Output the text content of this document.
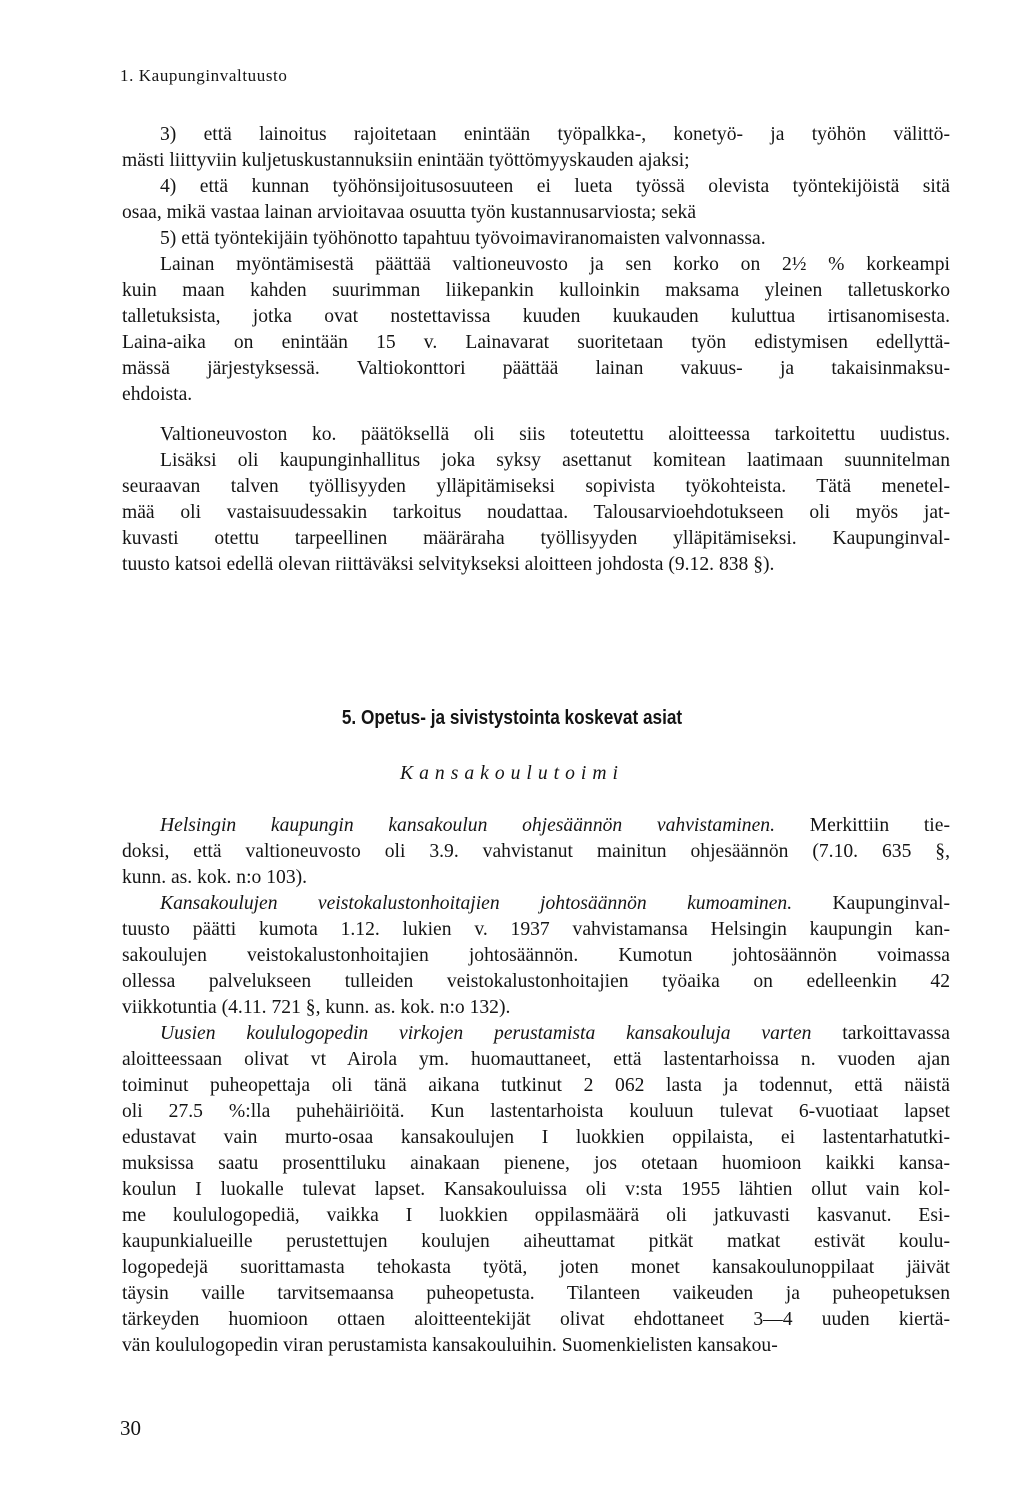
1. Kaupunginvaltuusto

3) että lainoitus rajoitetaan enintään työpalkka-, konetyö- ja työhön välittö-
mästi liittyviin kuljetuskustannuksiin enintään työttömyyskauden ajaksi;
4) että kunnan työhönsijoitusosuuteen ei lueta työssä olevista työntekijöistä sitä
osaa, mikä vastaa lainan arvioitavaa osuutta työn kustannusarviosta; sekä
5) että työntekijäin työhönotto tapahtuu työvoimaviranomaisten valvonnassa.
Lainan myöntämisestä päättää valtioneuvosto ja sen korko on 2½ % korkeampi
kuin maan kahden suurimman liikepankin kulloinkin maksama yleinen talletuskorko
talletuksista, jotka ovat nostettavissa kuuden kuukauden kuluttua irtisanomisesta.
Laina-aika on enintään 15 v. Lainavarat suoritetaan työn edistymisen edellyttä-
mässä järjestyksessä. Valtiokonttori päättää lainan vakuus- ja takaisinmaksu-
ehdoista.
Valtioneuvoston ko. päätöksellä oli siis toteutettu aloitteessa tarkoitettu uudistus.
Lisäksi oli kaupunginhallitus joka syksy asettanut komitean laatimaan suunnitelman
seuraavan talven työllisyyden ylläpitämiseksi sopivista työkohteista. Tätä menetel-
mää oli vastaisuudessakin tarkoitus noudattaa. Talousarvioehdotukseen oli myös jat-
kuvasti otettu tarpeellinen määräraha työllisyyden ylläpitämiseksi. Kaupunginval-
tuusto katsoi edellä olevan riittäväksi selvitykseksi aloitteen johdosta (9.12. 838 §).
5. Opetus- ja sivistystointa koskevat asiat

Kansakoulutoimi

Helsingin kaupungin kansakoulun ohjesäännön vahvistaminen. Merkittiin tie-
doksi, että valtioneuvosto oli 3.9. vahvistanut mainitun ohjesäännön (7.10. 635 §,
kunn. as. kok. n:o 103).
Kansakoulujen veistokalustonhoitajien johtosäännön kumoaminen. Kaupunginval-
tuusto päätti kumota 1.12. lukien v. 1937 vahvistamansa Helsingin kaupungin kan-
sakoulujen veistokalustonhoitajien johtosäännön. Kumotun johtosäännön voimassa
ollessa palvelukseen tulleiden veistokalustonhoitajien työaika on edelleenkin 42
viikkotuntia (4.11. 721 §, kunn. as. kok. n:o 132).
Uusien koululogopedin virkojen perustamista kansakouluja varten tarkoittavassa
aloitteessaan olivat vt Airola ym. huomauttaneet, että lastentarhoissa n. vuoden ajan
toiminut puheopettaja oli tänä aikana tutkinut 2 062 lasta ja todennut, että näistä
oli 27.5 %:lla puhehäiriöitä. Kun lastentarhoista kouluun tulevat 6-vuotiaat lapset
edustavat vain murto-osaa kansakoulujen I luokkien oppilaista, ei lastentarhatutki-
muksissa saatu prosenttiluku ainakaan pienene, jos otetaan huomioon kaikki kansa-
koulun I luokalle tulevat lapset. Kansakouluissa oli v:sta 1955 lähtien ollut vain kol-
me koululogopediä, vaikka I luokkien oppilasmäärä oli jatkuvasti kasvanut. Esi-
kaupunkialueille perustettujen koulujen aiheuttamat pitkät matkat estivät koulu-
logopedejä suorittamasta tehokasta työtä, joten monet kansakoulunoppilaat jäivät
täysin vaille tarvitsemaansa puheopetusta. Tilanteen vaikeuden ja puheopetuksen
tärkeyden huomioon ottaen aloitteentekijät olivat ehdottaneet 3—4 uuden kiertä-
vän koululogopedin viran perustamista kansakouluihin. Suomenkielisten kansakou-
30
